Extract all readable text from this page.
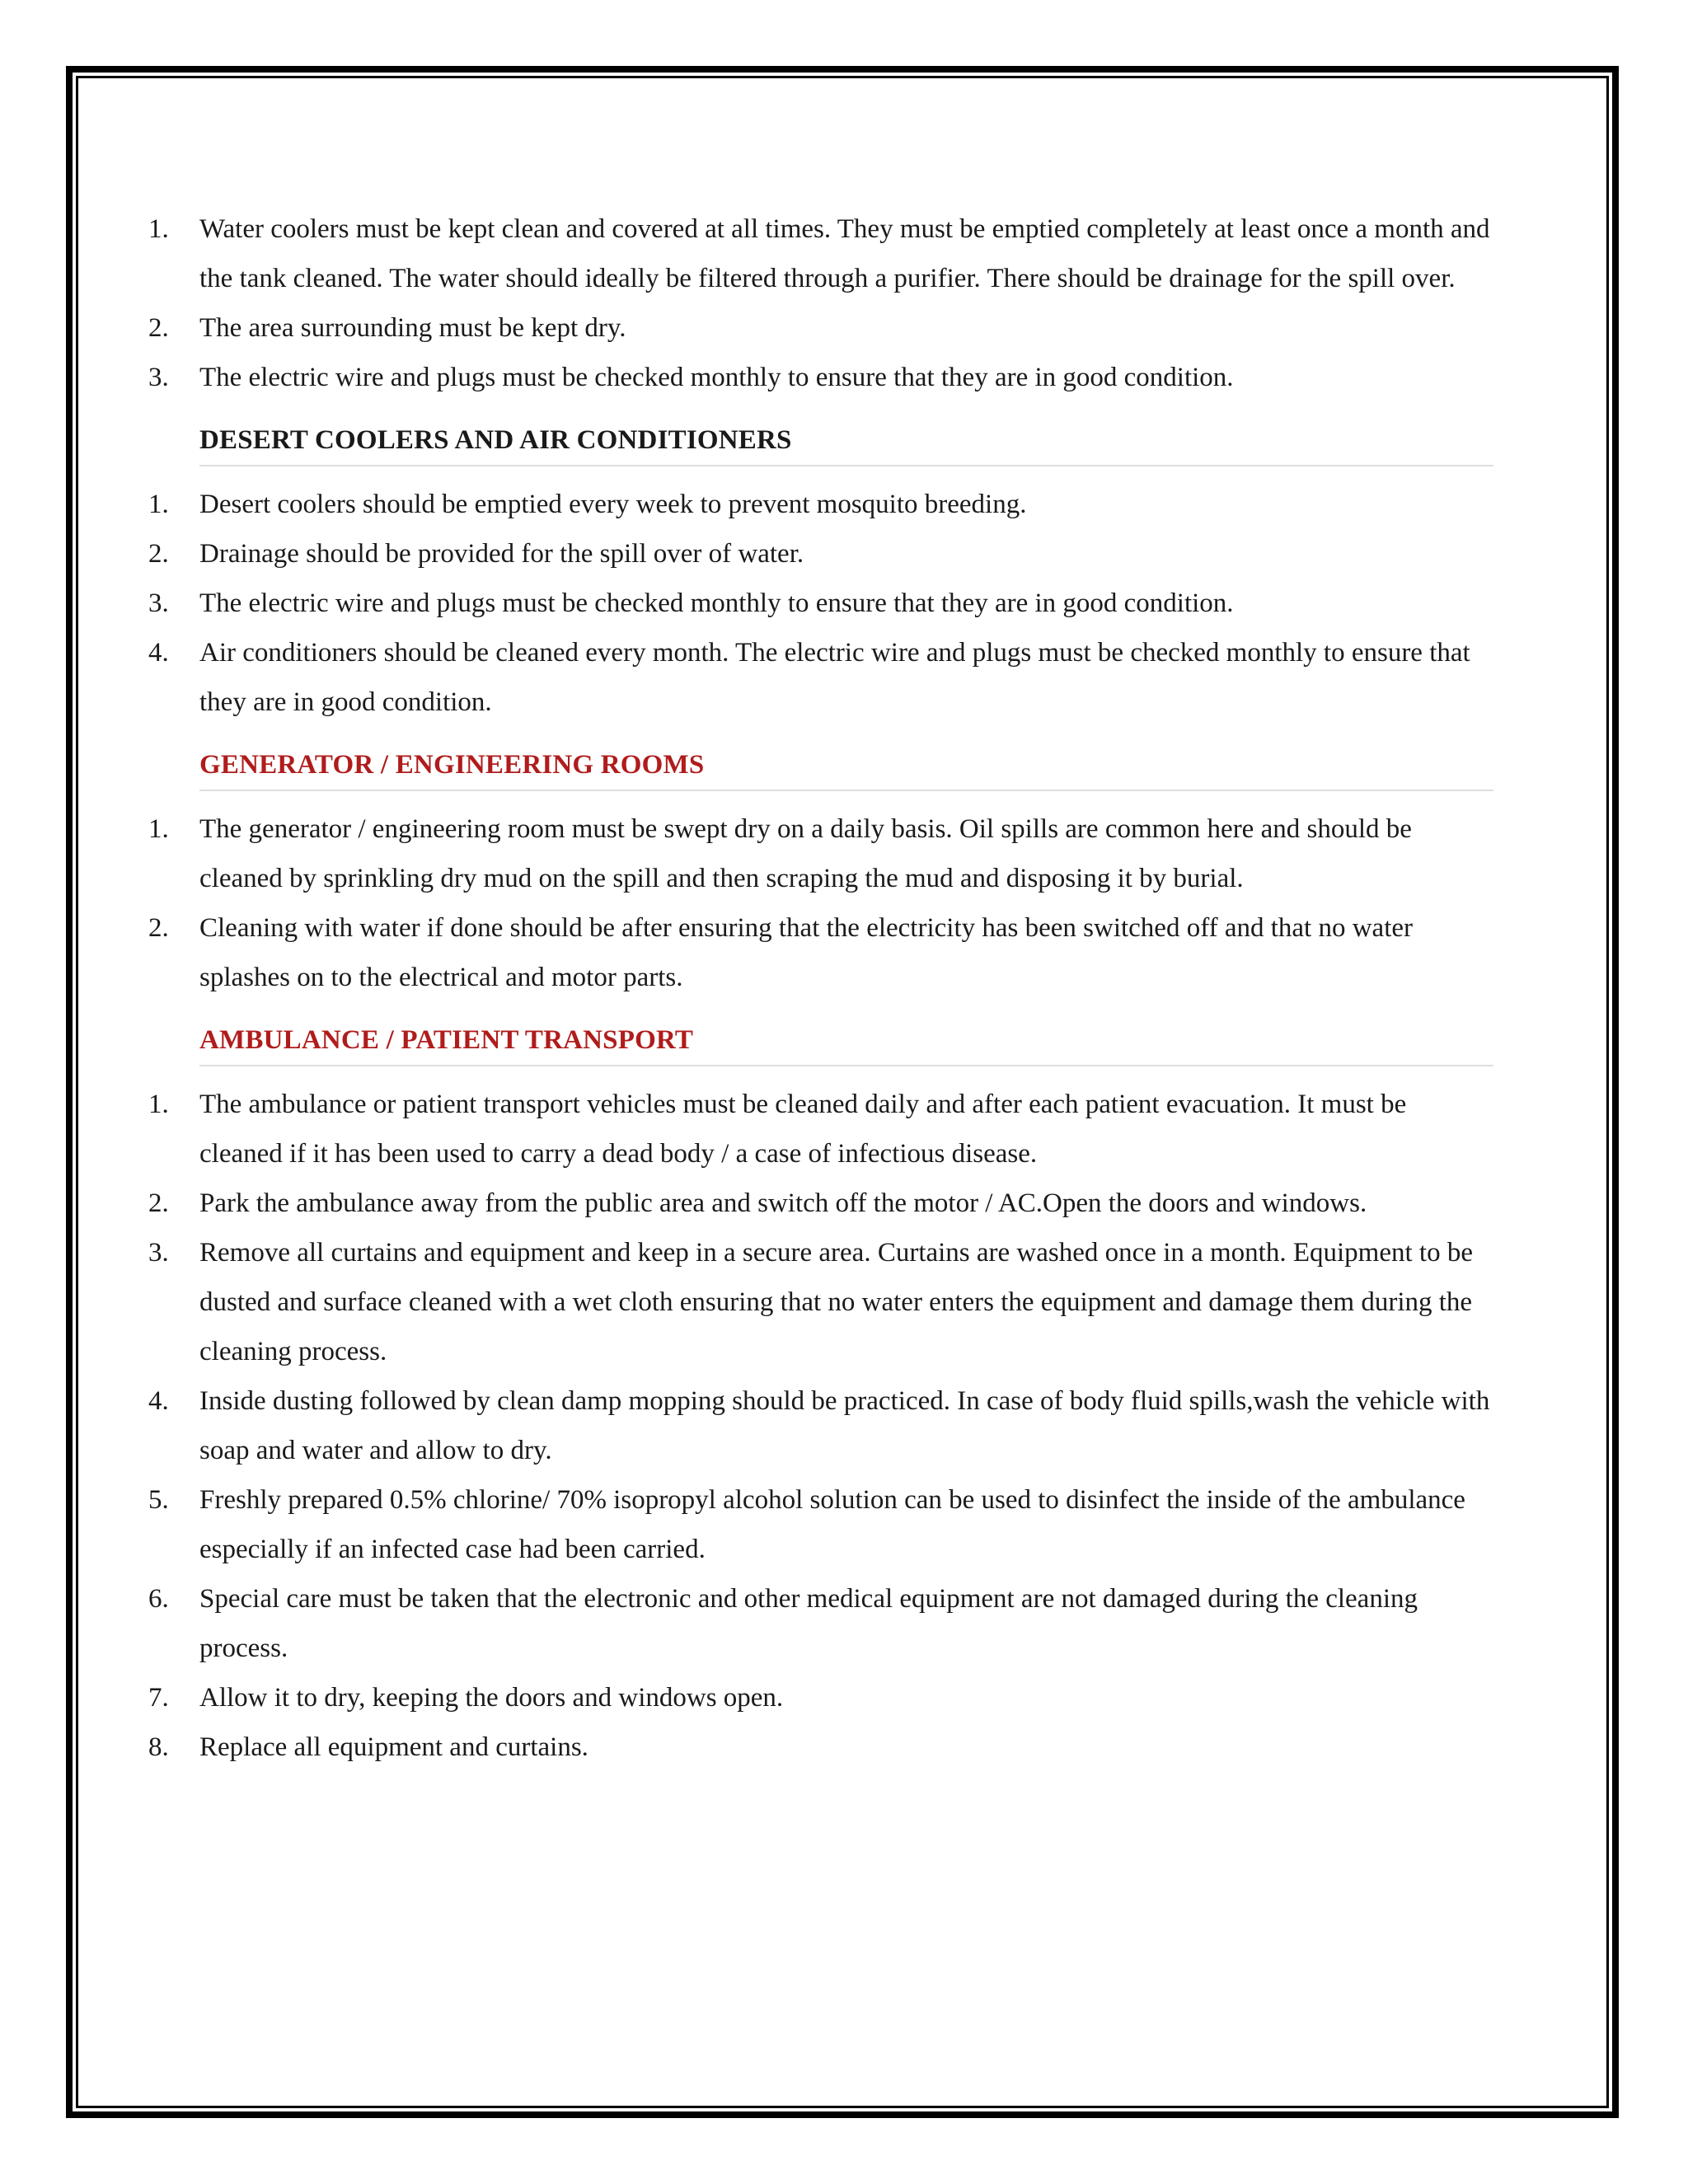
1.	Water coolers must be kept clean and covered at all times. They must be emptied completely at least once a month and the tank cleaned. The water should ideally be filtered through a purifier. There should be drainage for the spill over.
2.	The area surrounding must be kept dry.
3.	The electric wire and plugs must be checked monthly to ensure that they are in good condition.
DESERT COOLERS AND AIR CONDITIONERS
1.	Desert coolers should be emptied every week to prevent mosquito breeding.
2.	Drainage should be provided for the spill over of water.
3.	The electric wire and plugs must be checked monthly to ensure that they are in good condition.
4.	Air conditioners should be cleaned every month. The electric wire and plugs must be checked monthly to ensure that they are in good condition.
GENERATOR / ENGINEERING ROOMS
1.	The generator / engineering room must be swept dry on a daily basis. Oil spills are common here and should be cleaned by sprinkling dry mud on the spill and then scraping the mud and disposing it by burial.
2.	Cleaning with water if done should be after ensuring that the electricity has been switched off and that no water splashes on to the electrical and motor parts.
AMBULANCE / PATIENT TRANSPORT
1.	The ambulance or patient transport vehicles must be cleaned daily and after each patient evacuation. It must be cleaned if it has been used to carry a dead body / a case of infectious disease.
2.	Park the ambulance away from the public area and switch off the motor / AC.Open the doors and windows.
3.	Remove all curtains and equipment and keep in a secure area. Curtains are washed once in a month. Equipment to be dusted and surface cleaned with a wet cloth ensuring that no water enters the equipment and damage them during the cleaning process.
4.	Inside dusting followed by clean damp mopping should be practiced. In case of body fluid spills,wash the vehicle with soap and water and allow to dry.
5.	Freshly prepared 0.5% chlorine/ 70% isopropyl alcohol solution can be used to disinfect the inside of the ambulance especially if an infected case had been carried.
6.	Special care must be taken that the electronic and other medical equipment are not damaged during the cleaning process.
7.	Allow it to dry, keeping the doors and windows open.
8.	Replace all equipment and curtains.
